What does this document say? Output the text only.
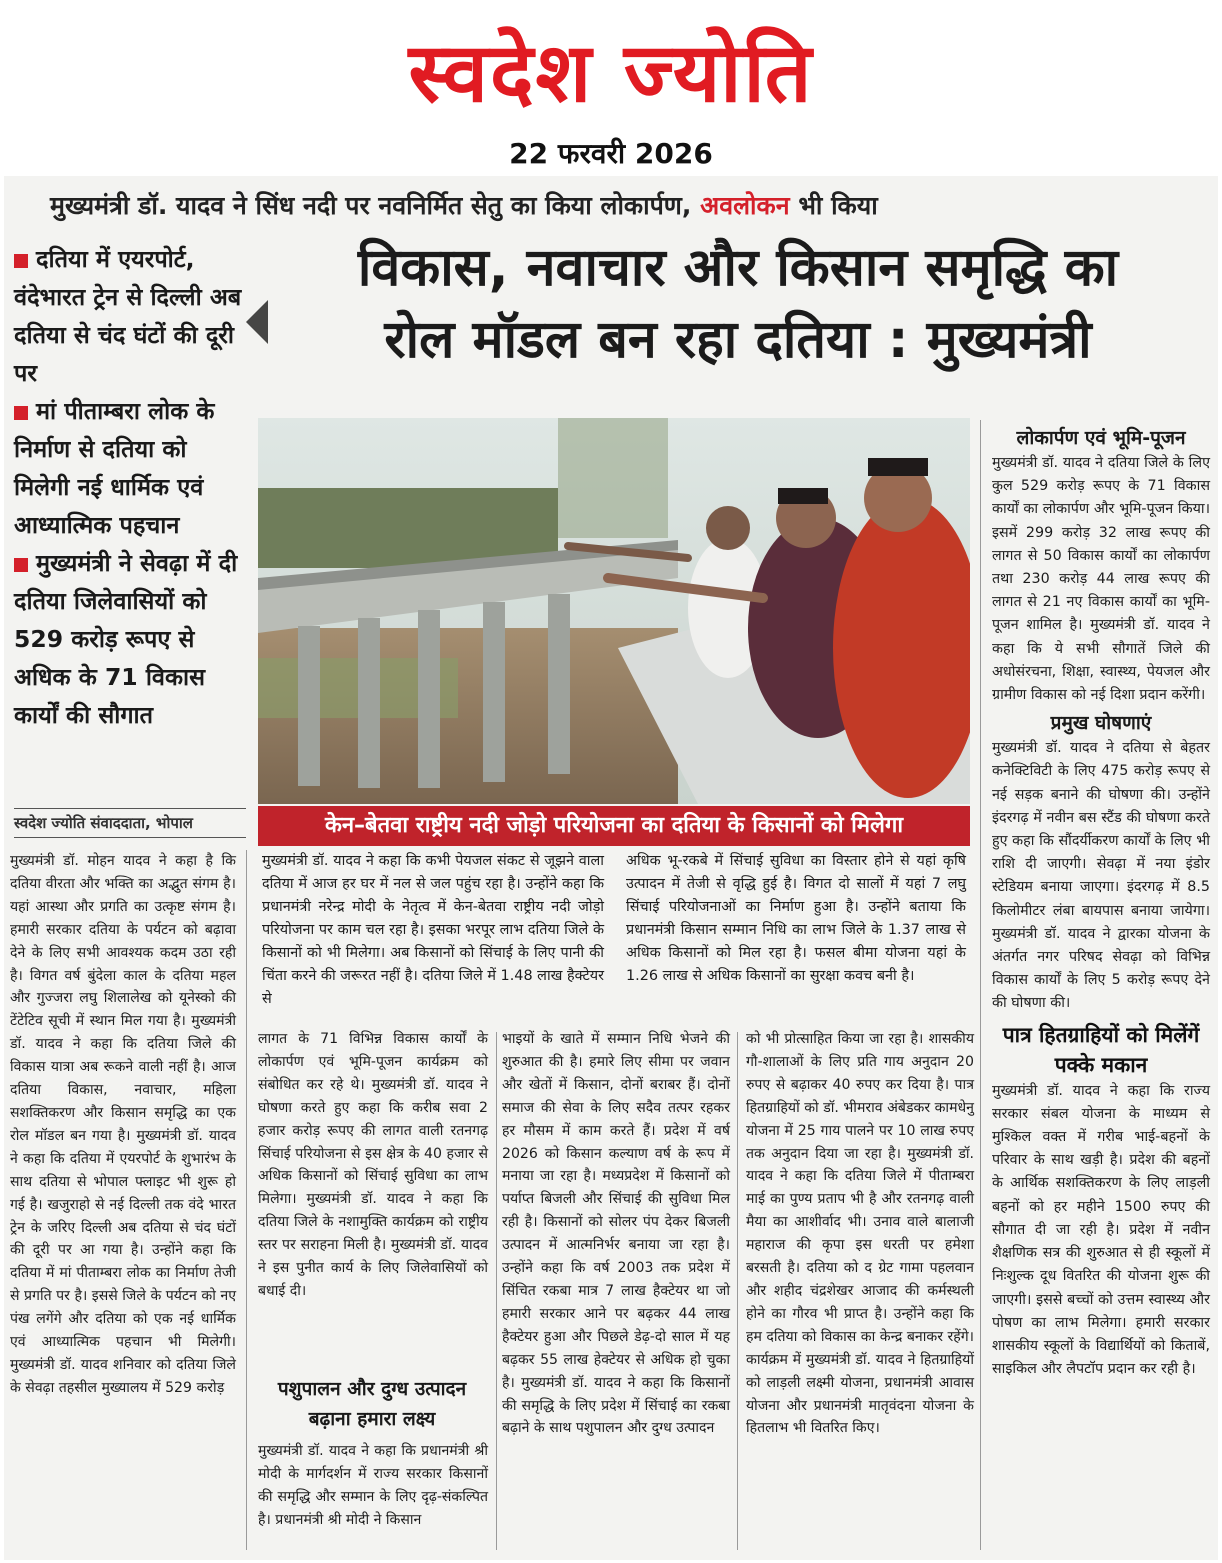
स्वदेश ज्योति
22 फरवरी 2026
मुख्यमंत्री डॉ. यादव ने सिंध नदी पर नवनिर्मित सेतु का किया लोकार्पण, अवलोकन भी किया
विकास, नवाचार और किसान समृद्धि का
रोल मॉडल बन रहा दतिया : मुख्यमंत्री
दतिया में एयरपोर्ट, वंदेभारत ट्रेन से दिल्ली अब दतिया से चंद घंटों की दूरी पर
मां पीताम्बरा लोक के निर्माण से दतिया को मिलेगी नई धार्मिक एवं आध्यात्मिक पहचान
मुख्यमंत्री ने सेवढ़ा में दी दतिया जिलेवासियों को 529 करोड़ रूपए से अधिक के 71 विकास कार्यों की सौगात
स्वदेश ज्योति संवाददाता, भोपाल	केन–बेतवा राष्ट्रीय नदी जोड़ो परियोजना का दतिया के किसानों को मिलेगा
मुख्यमंत्री डॉ. यादव ने कहा कि कभी पेयजल संकट से जूझने वाला दतिया में आज हर घर में नल से जल पहुंच रहा है। उन्होंने कहा कि प्रधानमंत्री नरेन्द्र मोदी के नेतृत्व में केन-बेतवा राष्ट्रीय नदी जोड़ो परियोजना पर काम चल रहा है। इसका भरपूर लाभ दतिया जिले के किसानों को भी मिलेगा। अब किसानों को सिंचाई के लिए पानी की चिंता करने की जरूरत नहीं है। दतिया जिले में 1.48 लाख हैक्टेयर से
अधिक भू-रकबे में सिंचाई सुविधा का विस्तार होने से यहां कृषि उत्पादन में तेजी से वृद्धि हुई है। विगत दो सालों में यहां 7 लघु सिंचाई परियोजनाओं का निर्माण हुआ है। उन्होंने बताया कि प्रधानमंत्री किसान सम्मान निधि का लाभ जिले के 1.37 लाख से अधिक किसानों को मिल रहा है। फसल बीमा योजना यहां के 1.26 लाख से अधिक किसानों का सुरक्षा कवच बनी है।
मुख्यमंत्री डॉ. मोहन यादव ने कहा है कि दतिया वीरता और भक्ति का अद्भुत संगम है। यहां आस्था और प्रगति का उत्कृष्ट संगम है। हमारी सरकार दतिया के पर्यटन को बढ़ावा देने के लिए सभी आवश्यक कदम उठा रही है। विगत वर्ष बुंदेला काल के दतिया महल और गुज्जरा लघु शिलालेख को यूनेस्को की टेंटेटिव सूची में स्थान मिल गया है। मुख्यमंत्री डॉ. यादव ने कहा कि दतिया जिले की विकास यात्रा अब रूकने वाली नहीं है। आज दतिया विकास, नवाचार, महिला सशक्तिकरण और किसान समृद्धि का एक रोल मॉडल बन गया है। मुख्यमंत्री डॉ. यादव ने कहा कि दतिया में एयरपोर्ट के शुभारंभ के साथ दतिया से भोपाल फ्लाइट भी शुरू हो गई है। खजुराहो से नई दिल्ली तक वंदे भारत ट्रेन के जरिए दिल्ली अब दतिया से चंद घंटों की दूरी पर आ गया है। उन्होंने कहा कि दतिया में मां पीताम्बरा लोक का निर्माण तेजी से प्रगति पर है। इससे जिले के पर्यटन को नए पंख लगेंगे और दतिया को एक नई धार्मिक एवं आध्यात्मिक पहचान भी मिलेगी। मुख्यमंत्री डॉ. यादव शनिवार को दतिया जिले के सेवढ़ा तहसील मुख्यालय में 529 करोड़
लागत के 71 विभिन्न विकास कार्यों के लोकार्पण एवं भूमि-पूजन कार्यक्रम को संबोधित कर रहे थे। मुख्यमंत्री डॉ. यादव ने घोषणा करते हुए कहा कि करीब सवा 2 हजार करोड़ रूपए की लागत वाली रतनगढ़ सिंचाई परियोजना से इस क्षेत्र के 40 हजार से अधिक किसानों को सिंचाई सुविधा का लाभ मिलेगा। मुख्यमंत्री डॉ. यादव ने कहा कि दतिया जिले के नशामुक्ति कार्यक्रम को राष्ट्रीय स्तर पर सराहना मिली है। मुख्यमंत्री डॉ. यादव ने इस पुनीत कार्य के लिए जिलेवासियों को बधाई दी।
पशुपालन और दुग्ध उत्पादन बढ़ाना हमारा लक्ष्य
मुख्यमंत्री डॉ. यादव ने कहा कि प्रधानमंत्री श्री मोदी के मार्गदर्शन में राज्य सरकार किसानों की समृद्धि और सम्मान के लिए दृढ़-संकल्पित है। प्रधानमंत्री श्री मोदी ने किसान
भाइयों के खाते में सम्मान निधि भेजने की शुरुआत की है। हमारे लिए सीमा पर जवान और खेतों में किसान, दोनों बराबर हैं। दोनों समाज की सेवा के लिए सदैव तत्पर रहकर हर मौसम में काम करते हैं। प्रदेश में वर्ष 2026 को किसान कल्याण वर्ष के रूप में मनाया जा रहा है। मध्यप्रदेश में किसानों को पर्याप्त बिजली और सिंचाई की सुविधा मिल रही है। किसानों को सोलर पंप देकर बिजली उत्पादन में आत्मनिर्भर बनाया जा रहा है। उन्होंने कहा कि वर्ष 2003 तक प्रदेश में सिंचित रकबा मात्र 7 लाख हैक्टेयर था जो हमारी सरकार आने पर बढ़कर 44 लाख हैक्टेयर हुआ और पिछले डेढ़-दो साल में यह बढ़कर 55 लाख हेक्टेयर से अधिक हो चुका है। मुख्यमंत्री डॉ. यादव ने कहा कि किसानों की समृद्धि के लिए प्रदेश में सिंचाई का रकबा बढ़ाने के साथ पशुपालन और दुग्ध उत्पादन
को भी प्रोत्साहित किया जा रहा है। शासकीय गौ-शालाओं के लिए प्रति गाय अनुदान 20 रुपए से बढ़ाकर 40 रुपए कर दिया है। पात्र हितग्राहियों को डॉ. भीमराव अंबेडकर कामधेनु योजना में 25 गाय पालने पर 10 लाख रुपए तक अनुदान दिया जा रहा है। मुख्यमंत्री डॉ. यादव ने कहा कि दतिया जिले में पीताम्बरा माई का पुण्य प्रताप भी है और रतनगढ़ वाली मैया का आशीर्वाद भी। उनाव वाले बालाजी महाराज की कृपा इस धरती पर हमेशा बरसती है। दतिया को द ग्रेट गामा पहलवान और शहीद चंद्रशेखर आजाद की कर्मस्थली होने का गौरव भी प्राप्त है। उन्होंने कहा कि हम दतिया को विकास का केन्द्र बनाकर रहेंगे। कार्यक्रम में मुख्यमंत्री डॉ. यादव ने हितग्राहियों को लाड़ली लक्ष्मी योजना, प्रधानमंत्री आवास योजना और प्रधानमंत्री मातृवंदना योजना के हितलाभ भी वितरित किए।
लोकार्पण एवं भूमि-पूजन
मुख्यमंत्री डॉ. यादव ने दतिया जिले के लिए कुल 529 करोड़ रूपए के 71 विकास कार्यों का लोकार्पण और भूमि-पूजन किया। इसमें 299 करोड़ 32 लाख रूपए की लागत से 50 विकास कार्यों का लोकार्पण तथा 230 करोड़ 44 लाख रूपए की लागत से 21 नए विकास कार्यों का भूमि-पूजन शामिल है। मुख्यमंत्री डॉ. यादव ने कहा कि ये सभी सौगातें जिले की अधोसंरचना, शिक्षा, स्वास्थ्य, पेयजल और ग्रामीण विकास को नई दिशा प्रदान करेंगी।
प्रमुख घोषणाएं
मुख्यमंत्री डॉ. यादव ने दतिया से बेहतर कनेक्टिविटी के लिए 475 करोड़ रूपए से नई सड़क बनाने की घोषणा की। उन्होंने इंदरगढ़ में नवीन बस स्टैंड की घोषणा करते हुए कहा कि सौंदर्यीकरण कार्यों के लिए भी राशि दी जाएगी। सेवढ़ा में नया इंडोर स्टेडियम बनाया जाएगा। इंदरगढ़ में 8.5 किलोमीटर लंबा बायपास बनाया जायेगा। मुख्यमंत्री डॉ. यादव ने द्वारका योजना के अंतर्गत नगर परिषद सेवढ़ा को विभिन्न विकास कार्यों के लिए 5 करोड़ रूपए देने की घोषणा की।
पात्र हितग्राहियों को मिलेंगें पक्के मकान
मुख्यमंत्री डॉ. यादव ने कहा कि राज्य सरकार संबल योजना के माध्यम से मुश्किल वक्त में गरीब भाई-बहनों के परिवार के साथ खड़ी है। प्रदेश की बहनों के आर्थिक सशक्तिकरण के लिए लाड़ली बहनों को हर महीने 1500 रुपए की सौगात दी जा रही है। प्रदेश में नवीन शैक्षणिक सत्र की शुरुआत से ही स्कूलों में निःशुल्क दूध वितरित की योजना शुरू की जाएगी। इससे बच्चों को उत्तम स्वास्थ्य और पोषण का लाभ मिलेगा। हमारी सरकार शासकीय स्कूलों के विद्यार्थियों को किताबें, साइकिल और लैपटॉप प्रदान कर रही है।
